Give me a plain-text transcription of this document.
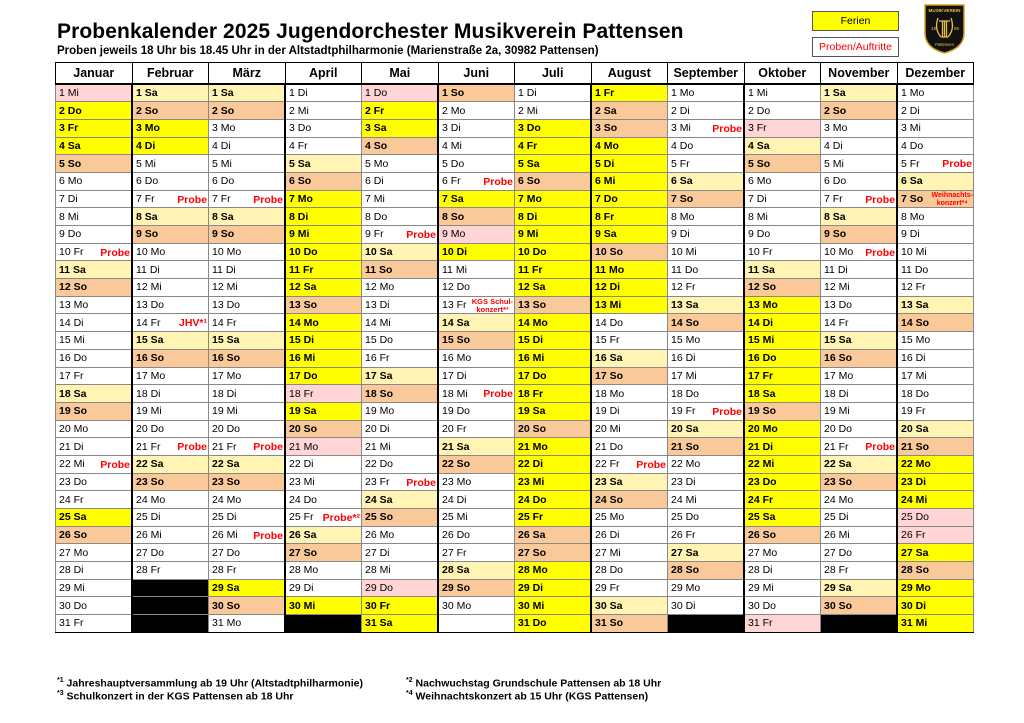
Probenkalender 2025 Jugendorchester Musikverein Pattensen
Proben jeweils 18 Uhr bis 18.45 Uhr in der Altstadtphilharmonie (Marienstraße 2a, 30982 Pattensen)
Ferien
Proben/Auftritte
MUSIKVEREIN
18	95
Pattensen
Januar	Februar	März	April	Mai	Juni	Juli	August	September	Oktober	November	Dezember
1 Mi	1 Sa	1 Sa	1 Di	1 Do	1 So	1 Di	1 Fr	1 Mo	1 Mi	1 Sa	1 Mo
2 Do	2 So	2 So	2 Mi	2 Fr	2 Mo	2 Mi	2 Sa	2 Di	2 Do	2 So	2 Di
3 Fr	3 Mo	3 Mo	3 Do	3 Sa	3 Di	3 Do	3 So	3 Mi Probe	3 Fr	3 Mo	3 Mi
4 Sa	4 Di	4 Di	4 Fr	4 So	4 Mi	4 Fr	4 Mo	4 Do	4 Sa	4 Di	4 Do
5 So	5 Mi	5 Mi	5 Sa	5 Mo	5 Do	5 Sa	5 Di	5 Fr	5 So	5 Mi	5 Fr Probe

6 Mo	6 Do	6 Do	6 So	6 Di	6 Fr Probe	6 So	6 Mi	6 Sa	6 Mo	6 Do	6 Sa
7 Di	7 Fr Probe	7 Fr Probe	7 Mo	7 Mi	7 Sa	7 Mo	7 Do	7 So	7 Di	7 Fr Probe	7 So Weihnachts-
konzert*⁴

8 Mi	8 Sa	8 Sa	8 Di	8 Do	8 So	8 Di	8 Fr	8 Mo	8 Mi	8 Sa	8 Mo
9 Do	9 So	9 So	9 Mi	9 Fr Probe	9 Mo	9 Mi	9 Sa	9 Di	9 Do	9 So	9 Di
10 Fr Probe	10 Mo	10 Mo	10 Do	10 Sa	10 Di	10 Do	10 So	10 Mi	10 Fr	10 Mo Probe	10 Mi
11 Sa	11 Di	11 Di	11 Fr	11 So	11 Mi	11 Fr	11 Mo	11 Do	11 Sa	11 Di	11 Do
12 So	12 Mi	12 Mi	12 Sa	12 Mo	12 Do	12 Sa	12 Di	12 Fr	12 So	12 Mi	12 Fr
13 Mo	13 Do	13 Do	13 So	13 Di	13 Fr KGS Schul-
konzert*³	13 So	13 Mi	13 Sa	13 Mo	13 Do	13 Sa
14 Di	14 Fr JHV*¹	14 Fr	14 Mo	14 Mi	14 Sa	14 Mo	14 Do	14 So	14 Di	14 Fr	14 So
15 Mi	15 Sa	15 Sa	15 Di	15 Do	15 So	15 Di	15 Fr	15 Mo	15 Mi	15 Sa	15 Mo
16 Do	16 So	16 So	16 Mi	16 Fr	16 Mo	16 Mi	16 Sa	16 Di	16 Do	16 So	16 Di
17 Fr	17 Mo	17 Mo	17 Do	17 Sa	17 Di	17 Do	17 So	17 Mi	17 Fr	17 Mo	17 Mi
18 Sa	18 Di	18 Di	18 Fr	18 So	18 Mi Probe	18 Fr	18 Mo	18 Do	18 Sa	18 Di	18 Do
19 So	19 Mi	19 Mi	19 Sa	19 Mo	19 Do	19 Sa	19 Di	19 Fr Probe	19 So	19 Mi	19 Fr
20 Mo	20 Do	20 Do	20 So	20 Di	20 Fr	20 So	20 Mi	20 Sa	20 Mo	20 Do	20 Sa
21 Di	21 Fr Probe	21 Fr Probe	21 Mo	21 Mi	21 Sa	21 Mo	21 Do	21 So	21 Di	21 Fr Probe	21 So
22 Mi Probe	22 Sa	22 Sa	22 Di	22 Do	22 So	22 Di	22 Fr Probe	22 Mo	22 Mi	22 Sa	22 Mo
23 Do	23 So	23 So	23 Mi	23 Fr Probe	23 Mo	23 Mi	23 Sa	23 Di	23 Do	23 So	23 Di
24 Fr	24 Mo	24 Mo	24 Do	24 Sa	24 Di	24 Do	24 So	24 Mi	24 Fr	24 Mo	24 Mi
25 Sa	25 Di	25 Di	25 Fr Probe*²	25 So	25 Mi	25 Fr	25 Mo	25 Do	25 Sa	25 Di	25 Do
26 So	26 Mi	26 Mi Probe	26 Sa	26 Mo	26 Do	26 Sa	26 Di	26 Fr	26 So	26 Mi	26 Fr
27 Mo	27 Do	27 Do	27 So	27 Di	27 Fr	27 So	27 Mi	27 Sa	27 Mo	27 Do	27 Sa
28 Di	28 Fr	28 Fr	28 Mo	28 Mi	28 Sa	28 Mo	28 Do	28 So	28 Di	28 Fr	28 So
29 Mi		29 Sa	29 Di	29 Do	29 So	29 Di	29 Fr	29 Mo	29 Mi	29 Sa	29 Mo
30 Do		30 So	30 Mi	30 Fr	30 Mo	30 Mi	30 Sa	30 Di	30 Do	30 So	30 Di
31 Fr		31 Mo		31 Sa		31 Do	31 So		31 Fr		31 Mi
$^{*1}$ Jahreshauptversammlung ab 19 Uhr (Altstadtphilharmonie)
$^{*3}$ Schulkonzert in der KGS Pattensen ab 18 Uhr
$^{*2}$ Nachwuchstag Grundschule Pattensen ab 18 Uhr
$^{*4}$ Weihnachtskonzert ab 15 Uhr (KGS Pattensen)
